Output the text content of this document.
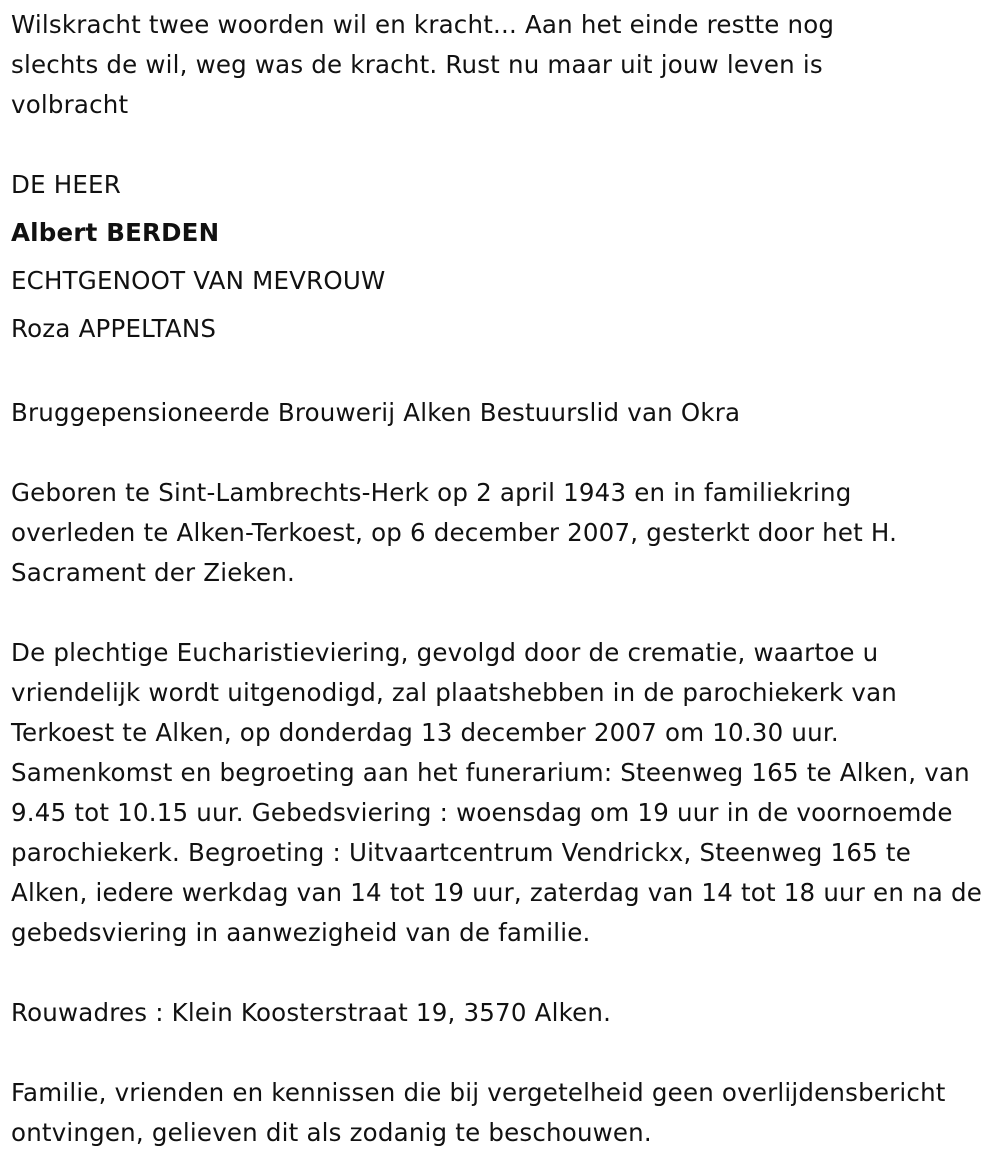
Wilskracht twee woorden wil en kracht... Aan het einde restte nog slechts de wil, weg was de kracht. Rust nu maar uit jouw leven is volbracht

DE HEER

Albert BERDEN

ECHTGENOOT VAN MEVROUW

Roza APPELTANS

Bruggepensioneerde Brouwerij Alken Bestuurslid van Okra

Geboren te Sint-Lambrechts-Herk op 2 april 1943 en in familiekring overleden te Alken-Terkoest, op 6 december 2007, gesterkt door het H. Sacrament der Zieken.

De plechtige Eucharistieviering, gevolgd door de crematie, waartoe u vriendelijk wordt uitgenodigd, zal plaatshebben in de parochiekerk van Terkoest te Alken, op donderdag 13 december 2007 om 10.30 uur. Samenkomst en begroeting aan het funerarium: Steenweg 165 te Alken, van 9.45 tot 10.15 uur. Gebedsviering : woensdag om 19 uur in de voornoemde parochiekerk. Begroeting : Uitvaartcentrum Vendrickx, Steenweg 165 te Alken, iedere werkdag van 14 tot 19 uur, zaterdag van 14 tot 18 uur en na de gebedsviering in aanwezigheid van de familie.

Rouwadres : Klein Koosterstraat 19, 3570 Alken.

Familie, vrienden en kennissen die bij vergetelheid geen overlijdensbericht ontvingen, gelieven dit als zodanig te beschouwen.
